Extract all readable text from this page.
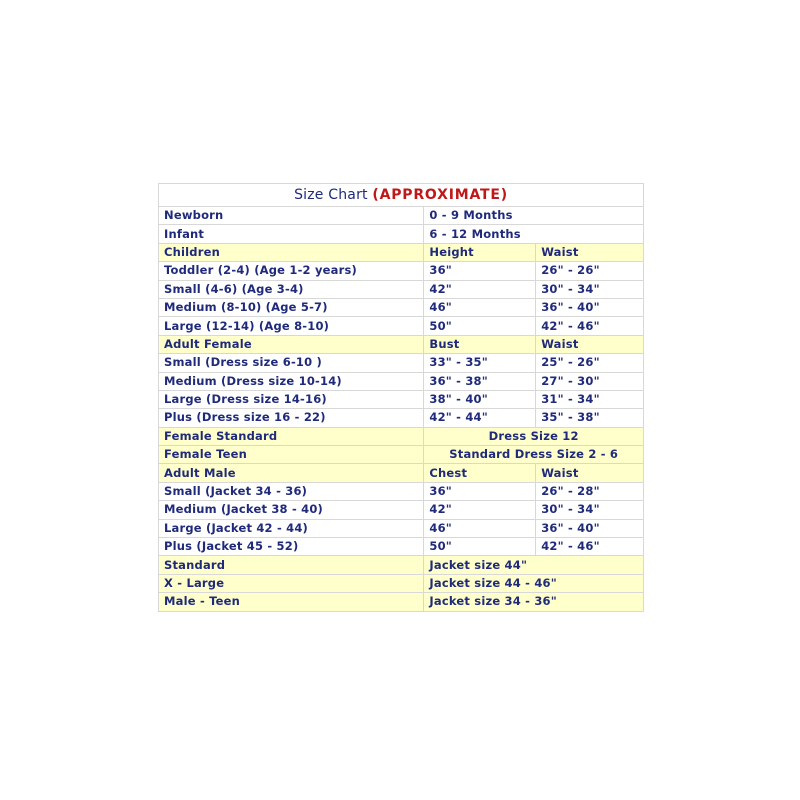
Size Chart (APPROXIMATE)		
Newborn	0 - 9 Months	
Infant	6 - 12 Months	
Children	Height	Waist
Toddler (2-4) (Age 1-2 years)	36"	26" - 26"
Small (4-6) (Age 3-4)	42"	30" - 34"
Medium (8-10) (Age 5-7)	46"	36" - 40"
Large (12-14) (Age 8-10)	50"	42" - 46"
Adult Female	Bust	Waist
Small (Dress size 6-10 )	33" - 35"	25" - 26"
Medium (Dress size 10-14)	36" - 38"	27" - 30"
Large (Dress size 14-16)	38" - 40"	31" - 34"
Plus (Dress size 16 - 22)	42" - 44"	35" - 38"
Female Standard	Dress Size 12	
Female Teen	Standard Dress Size 2 - 6	
Adult Male	Chest	Waist
Small (Jacket 34 - 36)	36"	26" - 28"
Medium (Jacket 38 - 40)	42"	30" - 34"
Large (Jacket 42 - 44)	46"	36" - 40"
Plus (Jacket 45 - 52)	50"	42" - 46"
Standard	Jacket size 44"	
X - Large	Jacket size 44 - 46"	
Male - Teen	Jacket size 34 - 36"	
